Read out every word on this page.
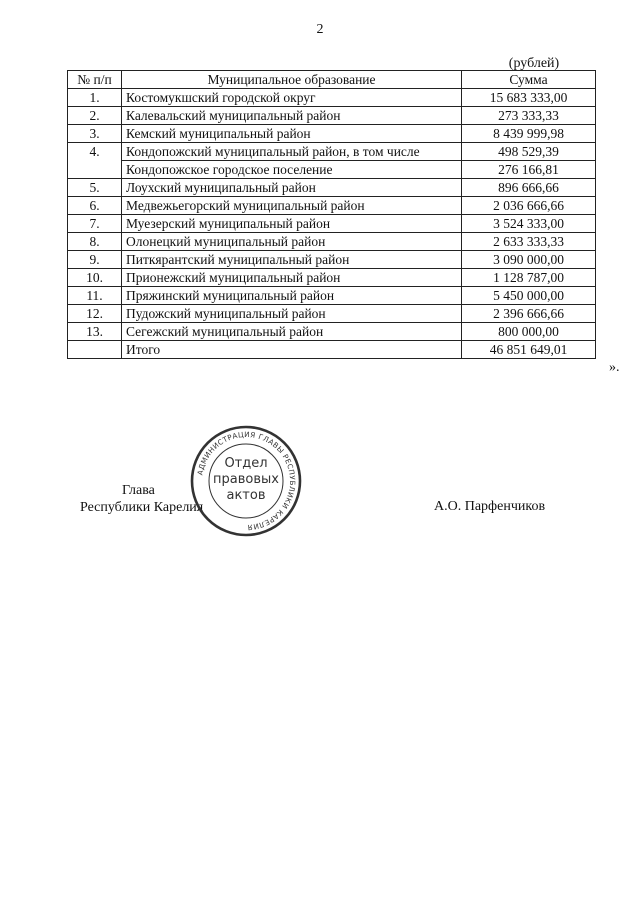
2
(рублей)
№ п/п	Муниципальное образование	Сумма
1.	Костомукшский городской округ	15 683 333,00
2.	Калевальский муниципальный район	273 333,33
3.	Кемский муниципальный район	8 439 999,98
4.	Кондопожский муниципальный район, в том числе	498 529,39
	Кондопожское городское поселение	276 166,81
5.	Лоухский муниципальный район	896 666,66
6.	Медвежьегорский муниципальный район	2 036 666,66
7.	Муезерский муниципальный район	3 524 333,00
8.	Олонецкий муниципальный район	2 633 333,33
9.	Питкярантский муниципальный район	3 090 000,00
10.	Прионежский муниципальный район	1 128 787,00
11.	Пряжинский муниципальный район	5 450 000,00
12.	Пудожский муниципальный район	2 396 666,66
13.	Сегежский муниципальный район	800 000,00
	Итого	46 851 649,01
».
Глава
Республики Карелия
АДМИНИСТРАЦИЯ ГЛАВЫ РЕСПУБЛИКИ КАРЕЛИЯ
Отдел
правовых
актов
А.О. Парфенчиков
